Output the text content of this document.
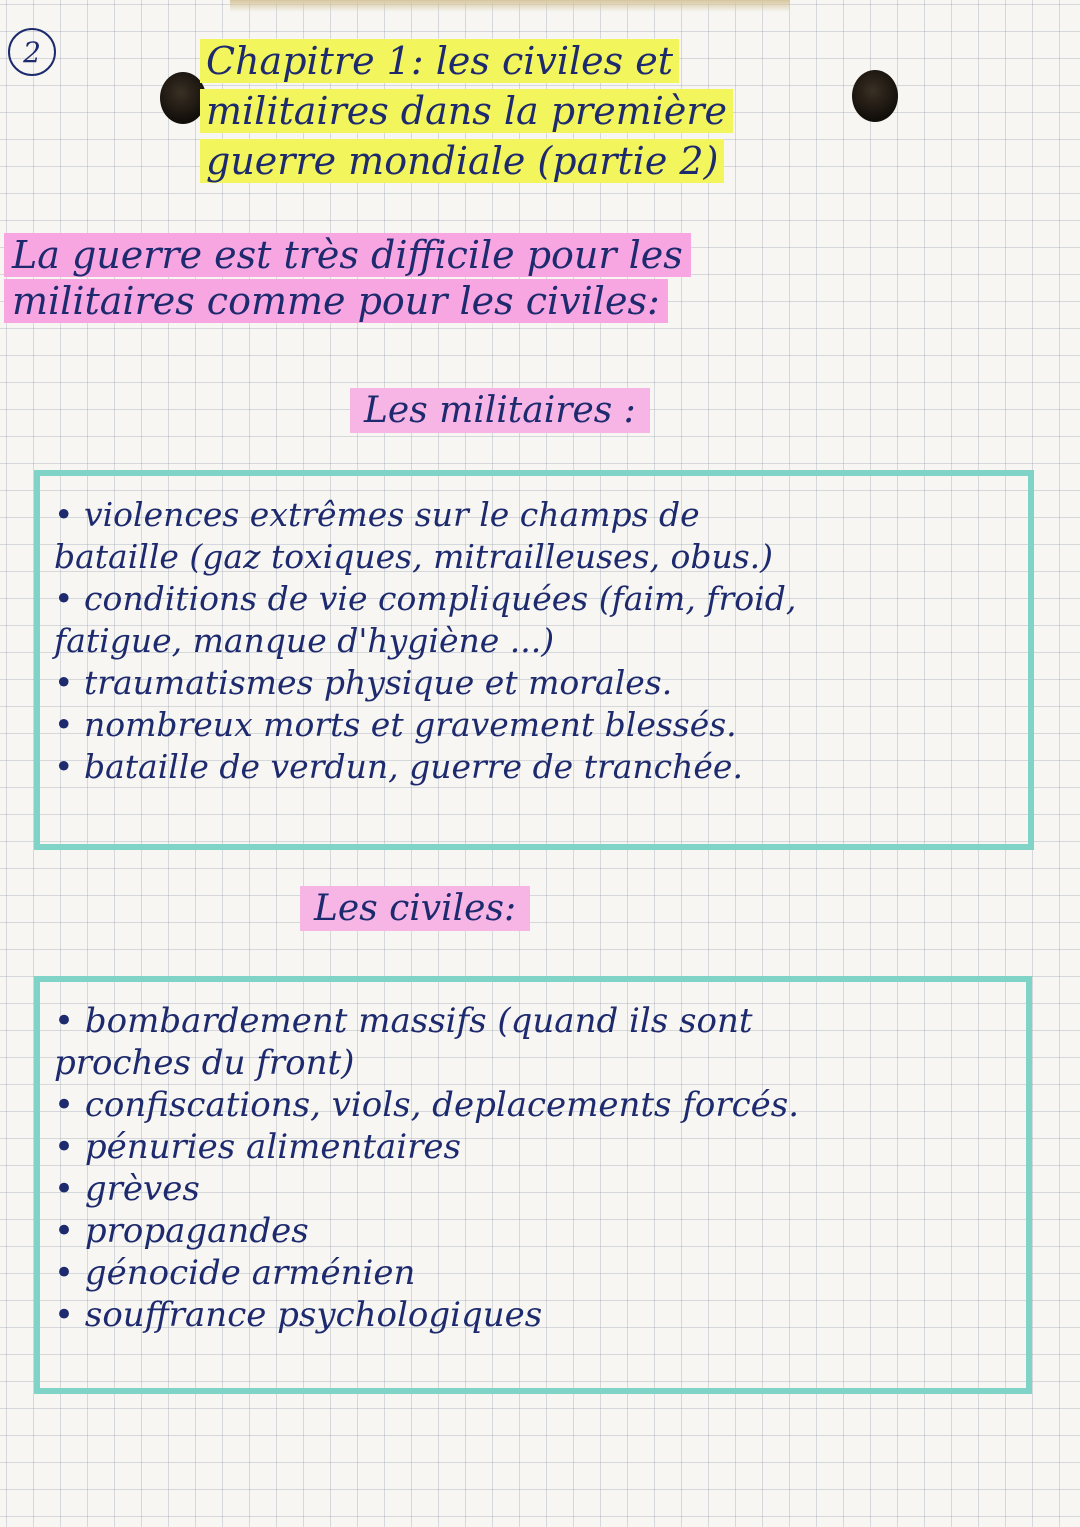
2	Chapitre 1: les civiles et
militaires dans la première
guerre mondiale (partie 2)
La guerre est très difficile pour les
militaires comme pour les civiles:
Les militaires :
• violences extrêmes sur le champs de
bataille (gaz toxiques, mitrailleuses, obus.)
• conditions de vie compliquées (faim, froid,
fatigue, manque d'hygiène ...)
• traumatismes physique et morales.
• nombreux morts et gravement blessés.
• bataille de verdun, guerre de tranchée.
Les civiles:
• bombardement massifs (quand ils sont
proches du front)
• confiscations, viols, deplacements forcés.
• pénuries alimentaires
• grèves
• propagandes
• génocide arménien
• souffrance psychologiques
